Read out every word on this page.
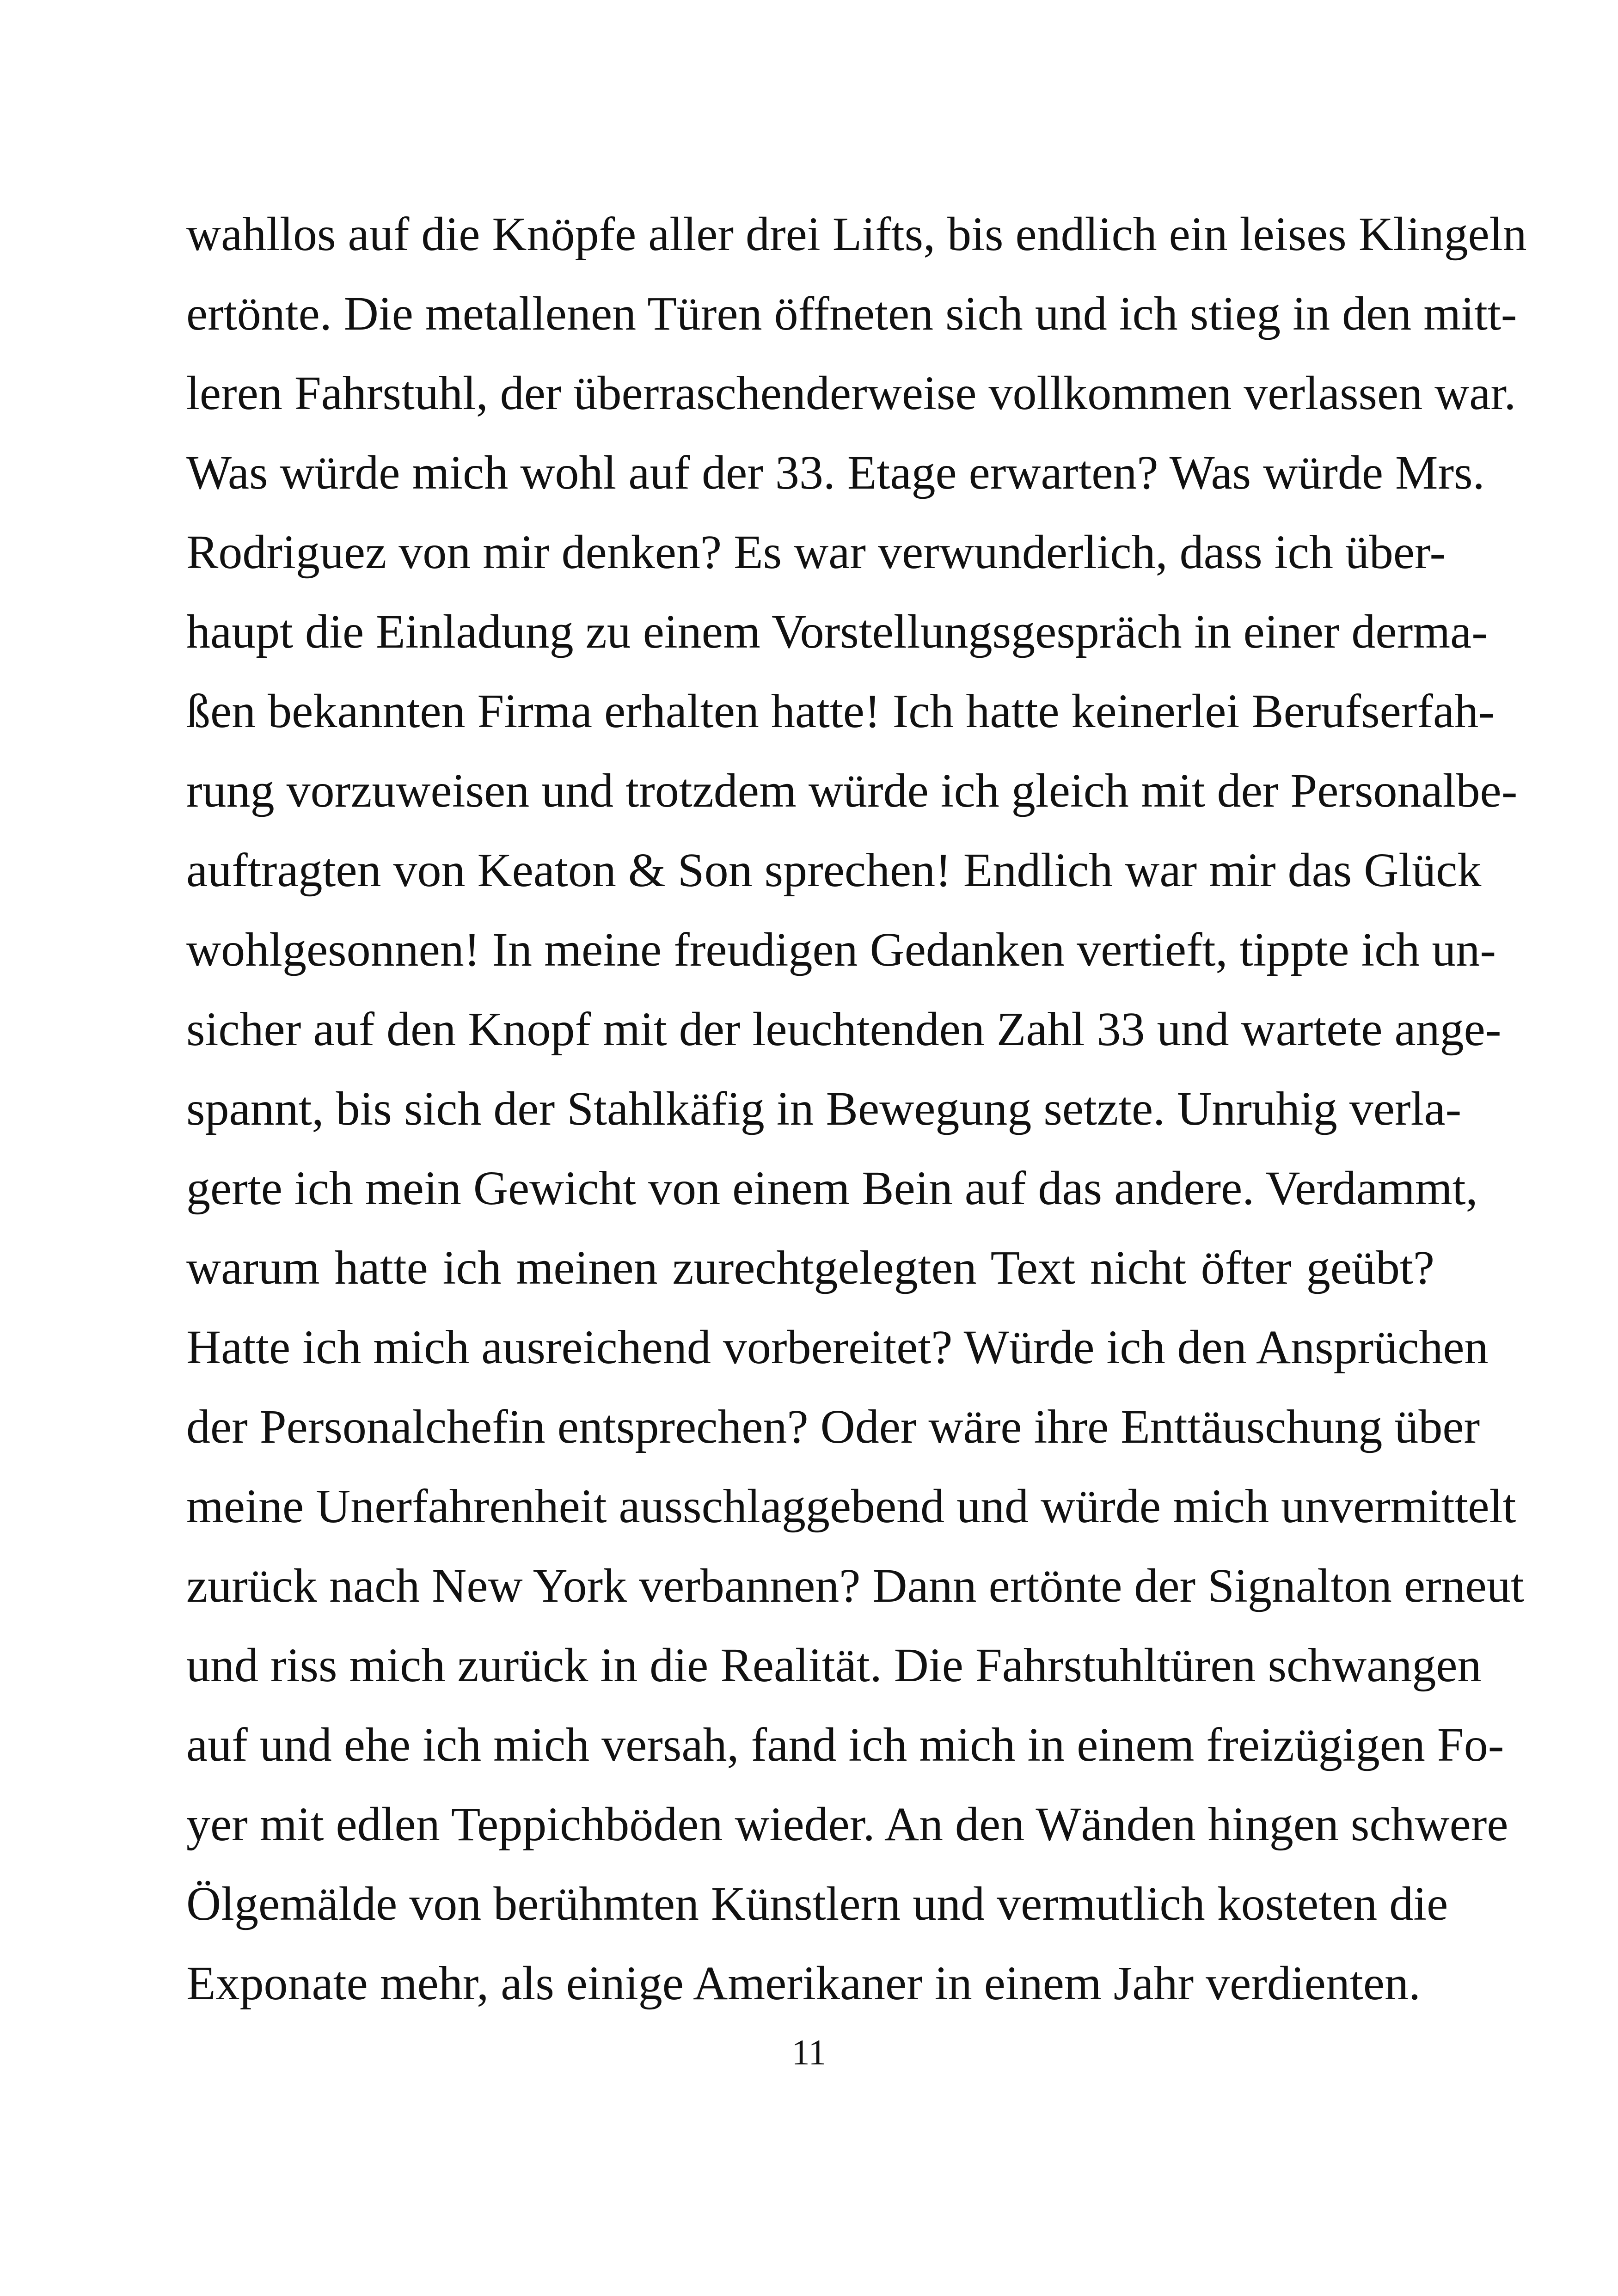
wahllos auf die Knöpfe aller drei Lifts, bis endlich ein leises Klingeln
ertönte. Die metallenen Türen öffneten sich und ich stieg in den mitt-
leren Fahrstuhl, der überraschenderweise vollkommen verlassen war.
Was würde mich wohl auf der 33. Etage erwarten? Was würde Mrs.
Rodriguez von mir denken? Es war verwunderlich, dass ich über-
haupt die Einladung zu einem Vorstellungsgespräch in einer derma-
ßen bekannten Firma erhalten hatte! Ich hatte keinerlei Berufserfah-
rung vorzuweisen und trotzdem würde ich gleich mit der Personalbe-
auftragten von Keaton & Son sprechen! Endlich war mir das Glück
wohlgesonnen! In meine freudigen Gedanken vertieft, tippte ich un-
sicher auf den Knopf mit der leuchtenden Zahl 33 und wartete ange-
spannt, bis sich der Stahlkäfig in Bewegung setzte. Unruhig verla-
gerte ich mein Gewicht von einem Bein auf das andere. Verdammt,
warum hatte ich meinen zurechtgelegten Text nicht öfter geübt?
Hatte ich mich ausreichend vorbereitet? Würde ich den Ansprüchen
der Personalchefin entsprechen? Oder wäre ihre Enttäuschung über
meine Unerfahrenheit ausschlaggebend und würde mich unvermittelt
zurück nach New York verbannen? Dann ertönte der Signalton erneut
und riss mich zurück in die Realität. Die Fahrstuhltüren schwangen
auf und ehe ich mich versah, fand ich mich in einem freizügigen Fo-
yer mit edlen Teppichböden wieder. An den Wänden hingen schwere
Ölgemälde von berühmten Künstlern und vermutlich kosteten die
Exponate mehr, als einige Amerikaner in einem Jahr verdienten.
11
